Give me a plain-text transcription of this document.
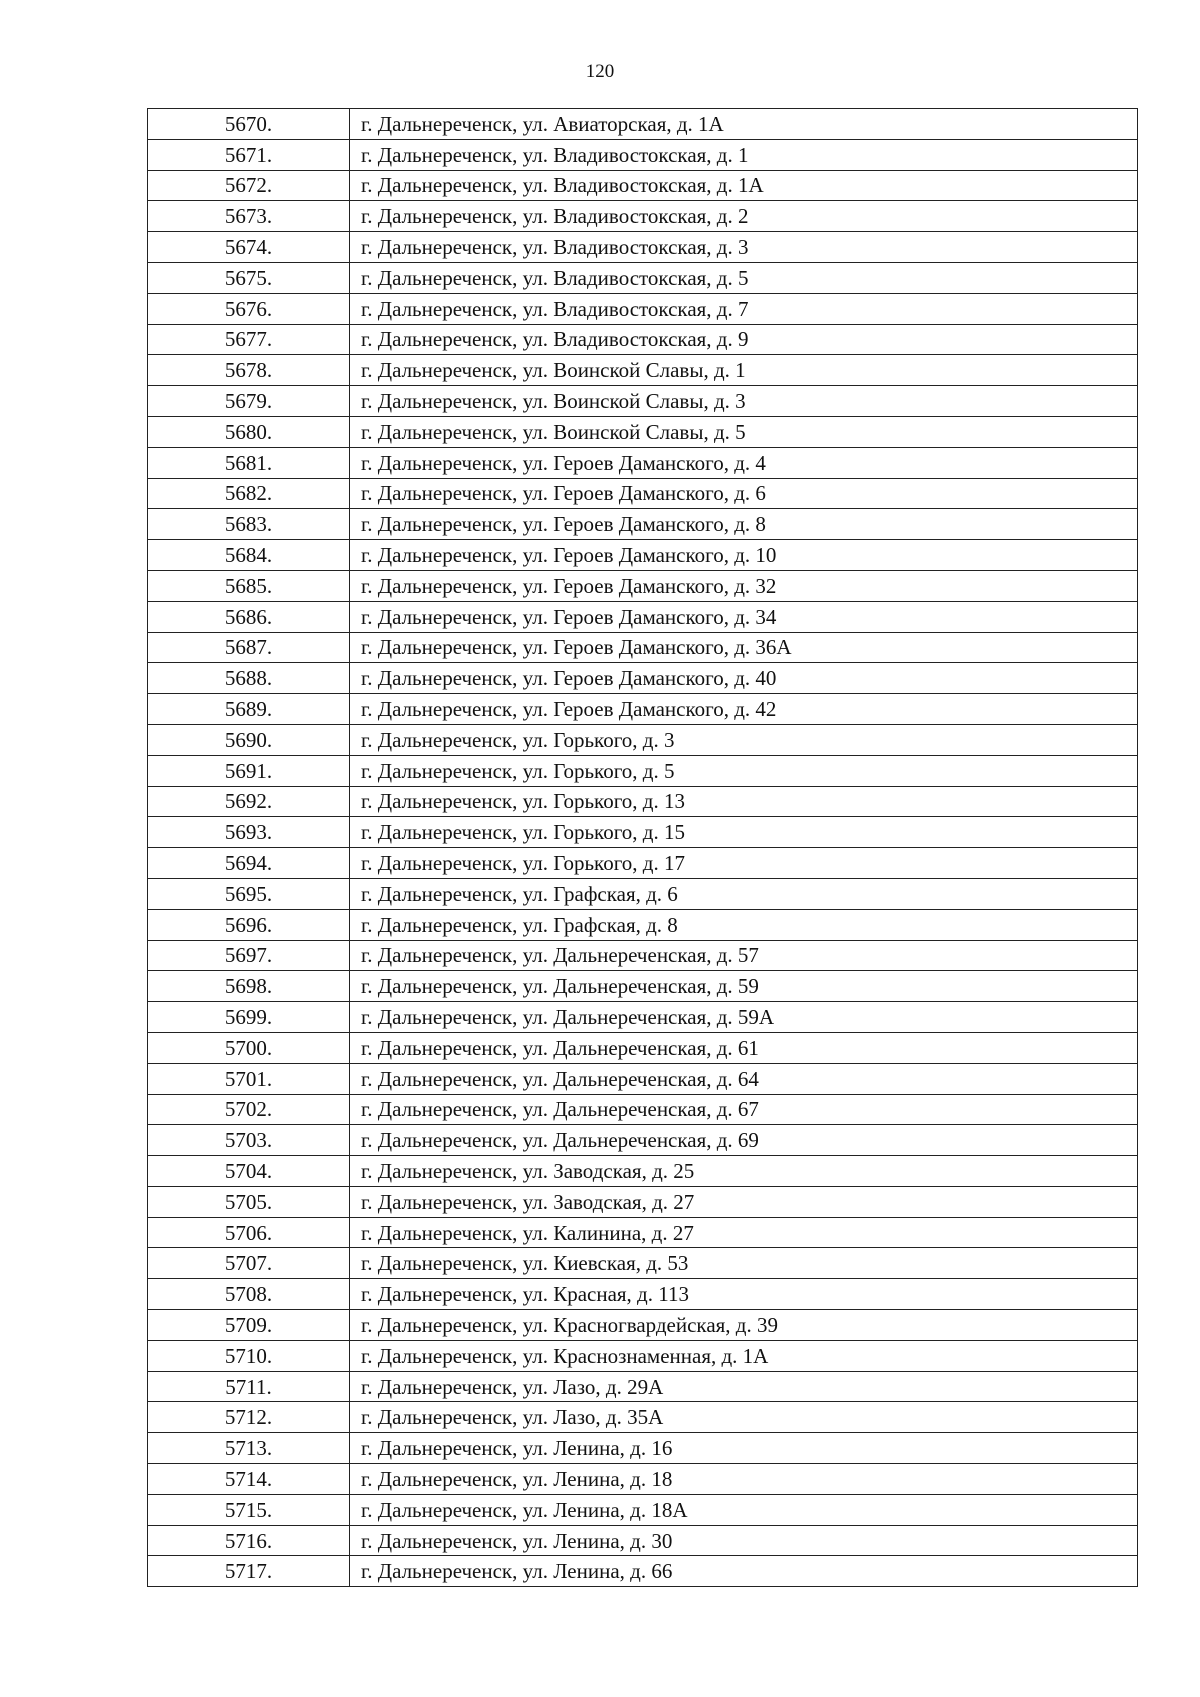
120
5670.	г. Дальнереченск, ул. Авиаторская, д. 1А
5671.	г. Дальнереченск, ул. Владивостокская, д. 1
5672.	г. Дальнереченск, ул. Владивостокская, д. 1А
5673.	г. Дальнереченск, ул. Владивостокская, д. 2
5674.	г. Дальнереченск, ул. Владивостокская, д. 3
5675.	г. Дальнереченск, ул. Владивостокская, д. 5
5676.	г. Дальнереченск, ул. Владивостокская, д. 7
5677.	г. Дальнереченск, ул. Владивостокская, д. 9
5678.	г. Дальнереченск, ул. Воинской Славы, д. 1
5679.	г. Дальнереченск, ул. Воинской Славы, д. 3
5680.	г. Дальнереченск, ул. Воинской Славы, д. 5
5681.	г. Дальнереченск, ул. Героев Даманского, д. 4
5682.	г. Дальнереченск, ул. Героев Даманского, д. 6
5683.	г. Дальнереченск, ул. Героев Даманского, д. 8
5684.	г. Дальнереченск, ул. Героев Даманского, д. 10
5685.	г. Дальнереченск, ул. Героев Даманского, д. 32
5686.	г. Дальнереченск, ул. Героев Даманского, д. 34
5687.	г. Дальнереченск, ул. Героев Даманского, д. 36А
5688.	г. Дальнереченск, ул. Героев Даманского, д. 40
5689.	г. Дальнереченск, ул. Героев Даманского, д. 42
5690.	г. Дальнереченск, ул. Горького, д. 3
5691.	г. Дальнереченск, ул. Горького, д. 5
5692.	г. Дальнереченск, ул. Горького, д. 13
5693.	г. Дальнереченск, ул. Горького, д. 15
5694.	г. Дальнереченск, ул. Горького, д. 17
5695.	г. Дальнереченск, ул. Графская, д. 6
5696.	г. Дальнереченск, ул. Графская, д. 8
5697.	г. Дальнереченск, ул. Дальнереченская, д. 57
5698.	г. Дальнереченск, ул. Дальнереченская, д. 59
5699.	г. Дальнереченск, ул. Дальнереченская, д. 59А
5700.	г. Дальнереченск, ул. Дальнереченская, д. 61
5701.	г. Дальнереченск, ул. Дальнереченская, д. 64
5702.	г. Дальнереченск, ул. Дальнереченская, д. 67
5703.	г. Дальнереченск, ул. Дальнереченская, д. 69
5704.	г. Дальнереченск, ул. Заводская, д. 25
5705.	г. Дальнереченск, ул. Заводская, д. 27
5706.	г. Дальнереченск, ул. Калинина, д. 27
5707.	г. Дальнереченск, ул. Киевская, д. 53
5708.	г. Дальнереченск, ул. Красная, д. 113
5709.	г. Дальнереченск, ул. Красногвардейская, д. 39
5710.	г. Дальнереченск, ул. Краснознаменная, д. 1А
5711.	г. Дальнереченск, ул. Лазо, д. 29А
5712.	г. Дальнереченск, ул. Лазо, д. 35А
5713.	г. Дальнереченск, ул. Ленина, д. 16
5714.	г. Дальнереченск, ул. Ленина, д. 18
5715.	г. Дальнереченск, ул. Ленина, д. 18А
5716.	г. Дальнереченск, ул. Ленина, д. 30
5717.	г. Дальнереченск, ул. Ленина, д. 66
